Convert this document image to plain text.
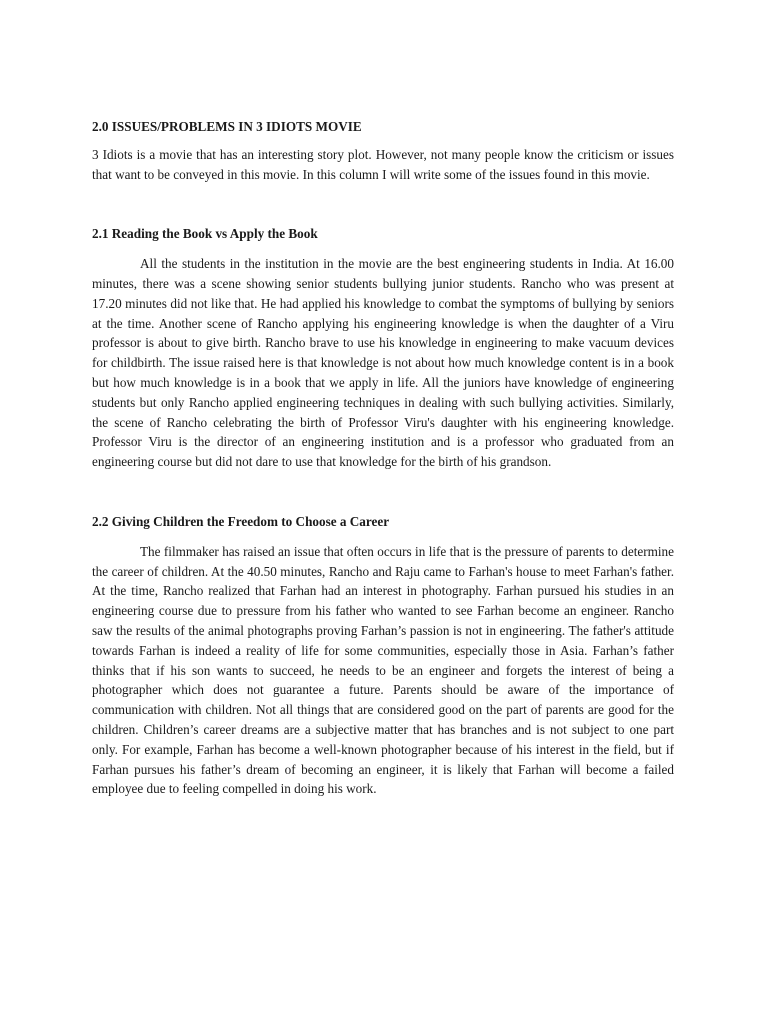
2.0 ISSUES/PROBLEMS IN 3 IDIOTS MOVIE

3 Idiots is a movie that has an interesting story plot. However, not many people know the criticism or issues that want to be conveyed in this movie. In this column I will write some of the issues found in this movie.

2.1 Reading the Book vs Apply the Book

All the students in the institution in the movie are the best engineering students in India. At 16.00 minutes, there was a scene showing senior students bullying junior students. Rancho who was present at 17.20 minutes did not like that. He had applied his knowledge to combat the symptoms of bullying by seniors at the time. Another scene of Rancho applying his engineering knowledge is when the daughter of a Viru professor is about to give birth. Rancho brave to use his knowledge in engineering to make vacuum devices for childbirth. The issue raised here is that knowledge is not about how much knowledge content is in a book but how much knowledge is in a book that we apply in life. All the juniors have knowledge of engineering students but only Rancho applied engineering techniques in dealing with such bullying activities. Similarly, the scene of Rancho celebrating the birth of Professor Viru's daughter with his engineering knowledge. Professor Viru is the director of an engineering institution and is a professor who graduated from an engineering course but did not dare to use that knowledge for the birth of his grandson.

2.2 Giving Children the Freedom to Choose a Career

The filmmaker has raised an issue that often occurs in life that is the pressure of parents to determine the career of children. At the 40.50 minutes, Rancho and Raju came to Farhan's house to meet Farhan's father. At the time, Rancho realized that Farhan had an interest in photography. Farhan pursued his studies in an engineering course due to pressure from his father who wanted to see Farhan become an engineer. Rancho saw the results of the animal photographs proving Farhan’s passion is not in engineering. The father's attitude towards Farhan is indeed a reality of life for some communities, especially those in Asia. Farhan’s father thinks that if his son wants to succeed, he needs to be an engineer and forgets the interest of being a photographer which does not guarantee a future. Parents should be aware of the importance of communication with children. Not all things that are considered good on the part of parents are good for the children. Children’s career dreams are a subjective matter that has branches and is not subject to one part only. For example, Farhan has become a well-known photographer because of his interest in the field, but if Farhan pursues his father’s dream of becoming an engineer, it is likely that Farhan will become a failed employee due to feeling compelled in doing his work.
